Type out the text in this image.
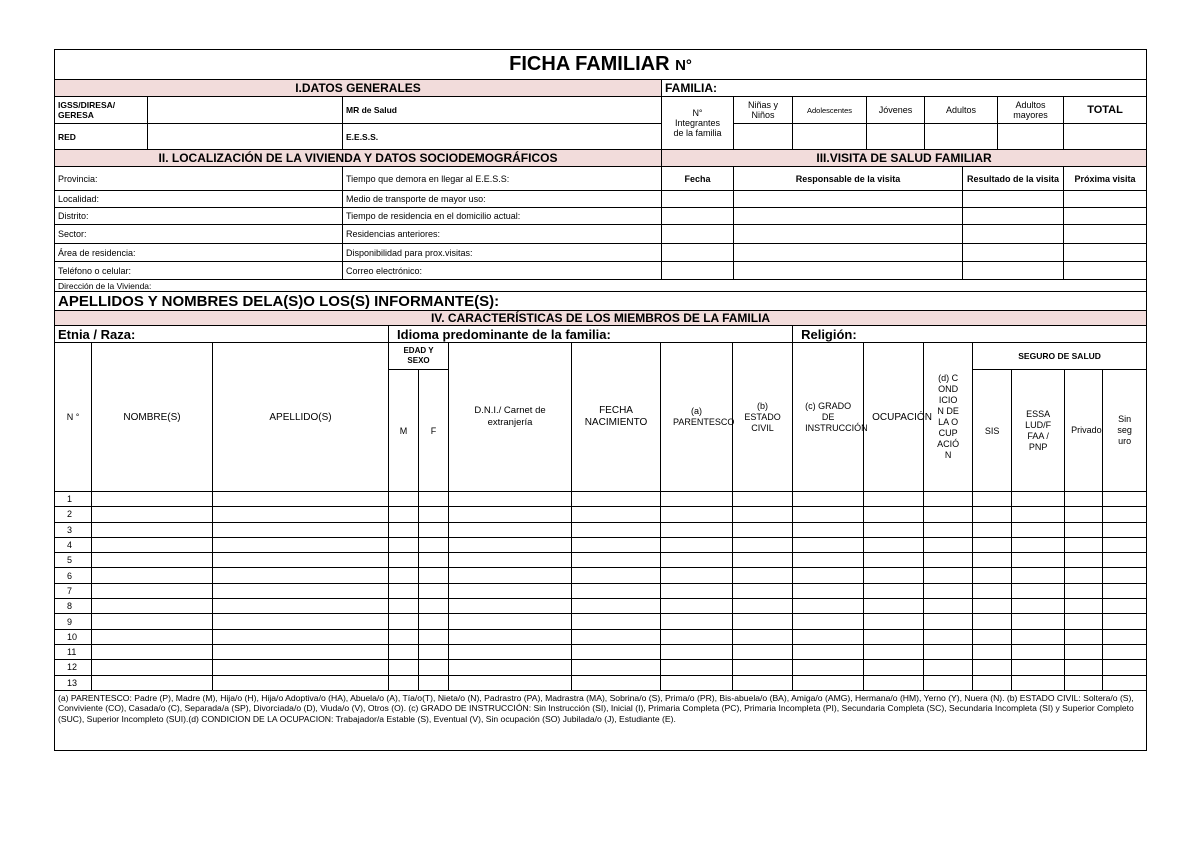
FICHA FAMILIAR N°									
I.DATOS GENERALES			FAMILIA:						
IGSS/DIRESA/ GERESA		MR de Salud	N° Integrantes de la familia	Niñas y Niños	Adolescentes	Jóvenes	Adultos	Adultos mayores	TOTAL
RED		E.E.S.S.							
II. LOCALIZACIÓN DE LA VIVIENDA Y DATOS SOCIODEMOGRÁFICOS		III.VISITA DE SALUD FAMILIAR			
Provincia:	Tiempo que demora en llegar al E.E.S.S:	Fecha	Responsable de la visita	Resultado de la visita	Próxima visita
Localidad:	Medio de transporte de mayor uso:				
Distrito:	Tiempo de residencia en el domicilio actual:				
Sector:	Residencias anteriores:				
Área de residencia:	Disponibilidad para prox.visitas:				
Teléfono o celular:	Correo electrónico:				
Dirección de la Vivienda:					
APELLIDOS Y NOMBRES DELA(S)O LOS(S) INFORMANTE(S):					
IV. CARACTERÍSTICAS DE LOS MIEMBROS DE LA FAMILIA					
Etnia / Raza:			Idioma predominante de la familia:						Religión:						
N °	NOMBRE(S)	APELLIDO(S)	EDAD Y SEXO		D.N.I./ Carnet de extranjería	FECHA NACIMIENTO	(a) PARENTESCO	(b) ESTADO CIVIL	(c) GRADO DE INSTRUCCIÓN	OCUPACIÓN	(d) CONDICION DE LA OCUPACIÓN	SEGURO DE SALUD			
			M	F								SIS	ESSALUD/FFAA / PNP	Privado	Sin seguro
1															
2															
3															
4															
5															
6															
7															
8															
9															
10															
11															
12															
13															
(a) PARENTESCO: Padre (P), Madre (M), Hija/o (H), Hija/o Adoptiva/o (HA), Abuela/o (A), Tía/o(T), Nieta/o (N), Padrastro (PA), Madrastra (MA), Sobrina/o (S), Prima/o (PR), Bis-abuela/o (BA), Amiga/o (AMG), Hermana/o (HM), Yerno (Y), Nuera (N). (b) ESTADO CIVIL: Soltera/o (S), Conviviente (CO), Casada/o (C), Separada/a (SP), Divorciada/o (D), Viuda/o (V), Otros (O). (c) GRADO DE INSTRUCCIÓN: Sin Instrucción (SI), Inicial (I), Primaria Completa (PC), Primaria Incompleta (PI), Secundaria Completa (SC), Secundaria Incompleta (SI) y Superior Completo (SUC), Superior Incompleto (SUI).(d) CONDICION DE LA OCUPACION: Trabajador/a Estable (S), Eventual (V), Sin ocupación (SO) Jubilada/o (J), Estudiante (E).															
